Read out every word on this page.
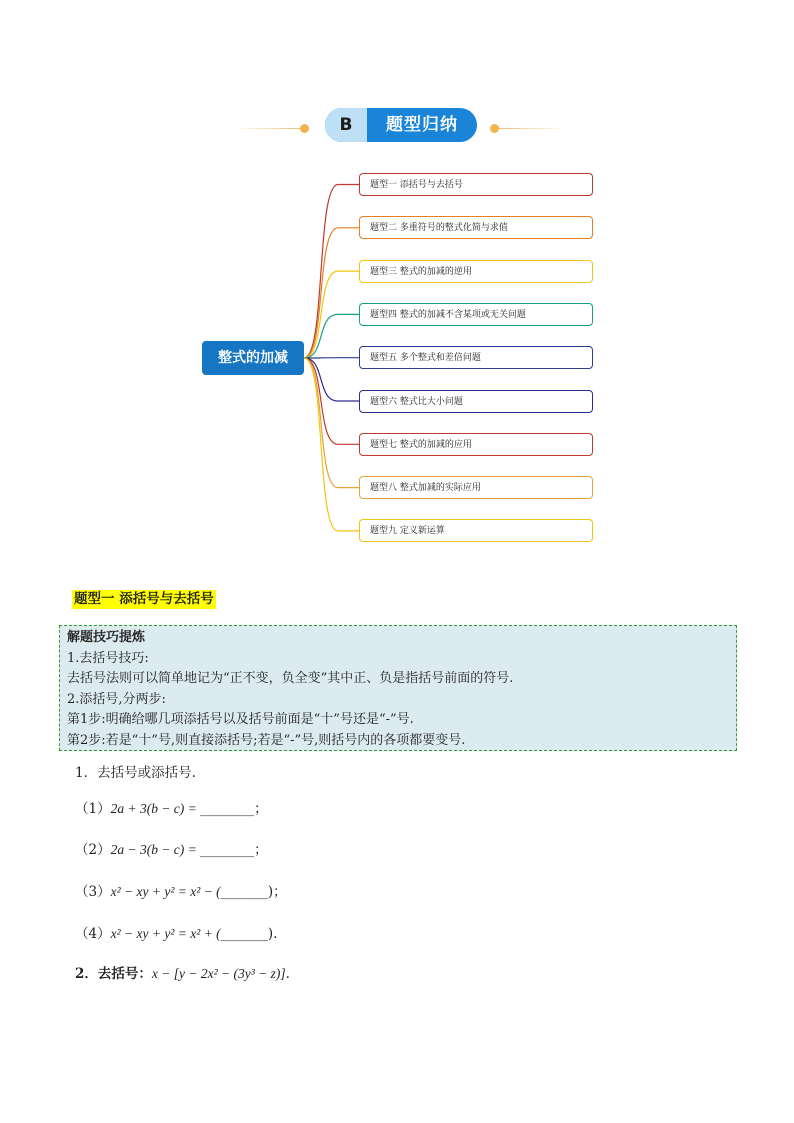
B	题型归纳
整式的加减
题型一 添括号与去括号
题型二 多重符号的整式化简与求值
题型三 整式的加减的逆用
题型四 整式的加减不含某项或无关问题
题型五 多个整式和差倍问题
题型六 整式比大小问题
题型七 整式的加减的应用
题型八 整式加减的实际应用
题型九 定义新运算
题型一 添括号与去括号
解题技巧提炼
1.去括号技巧:
去括号法则可以简单地记为“正不变，负全变”其中正、负是指括号前面的符号.
2.添括号,分两步:
第1步:明确给哪几项添括号以及括号前面是“十”号还是“-”号.
第2步:若是“十”号,则直接添括号;若是“-”号,则括号内的各项都要变号.
1．去括号或添括号.
（1）2a + 3(b − c) = ________；
（2）2a − 3(b − c) = ________；
（3）x² − xy + y² = x² − (_______)；
（4）x² − xy + y² = x² + (_______).
2．去括号：x − [y − 2x² − (3y³ − z)].
